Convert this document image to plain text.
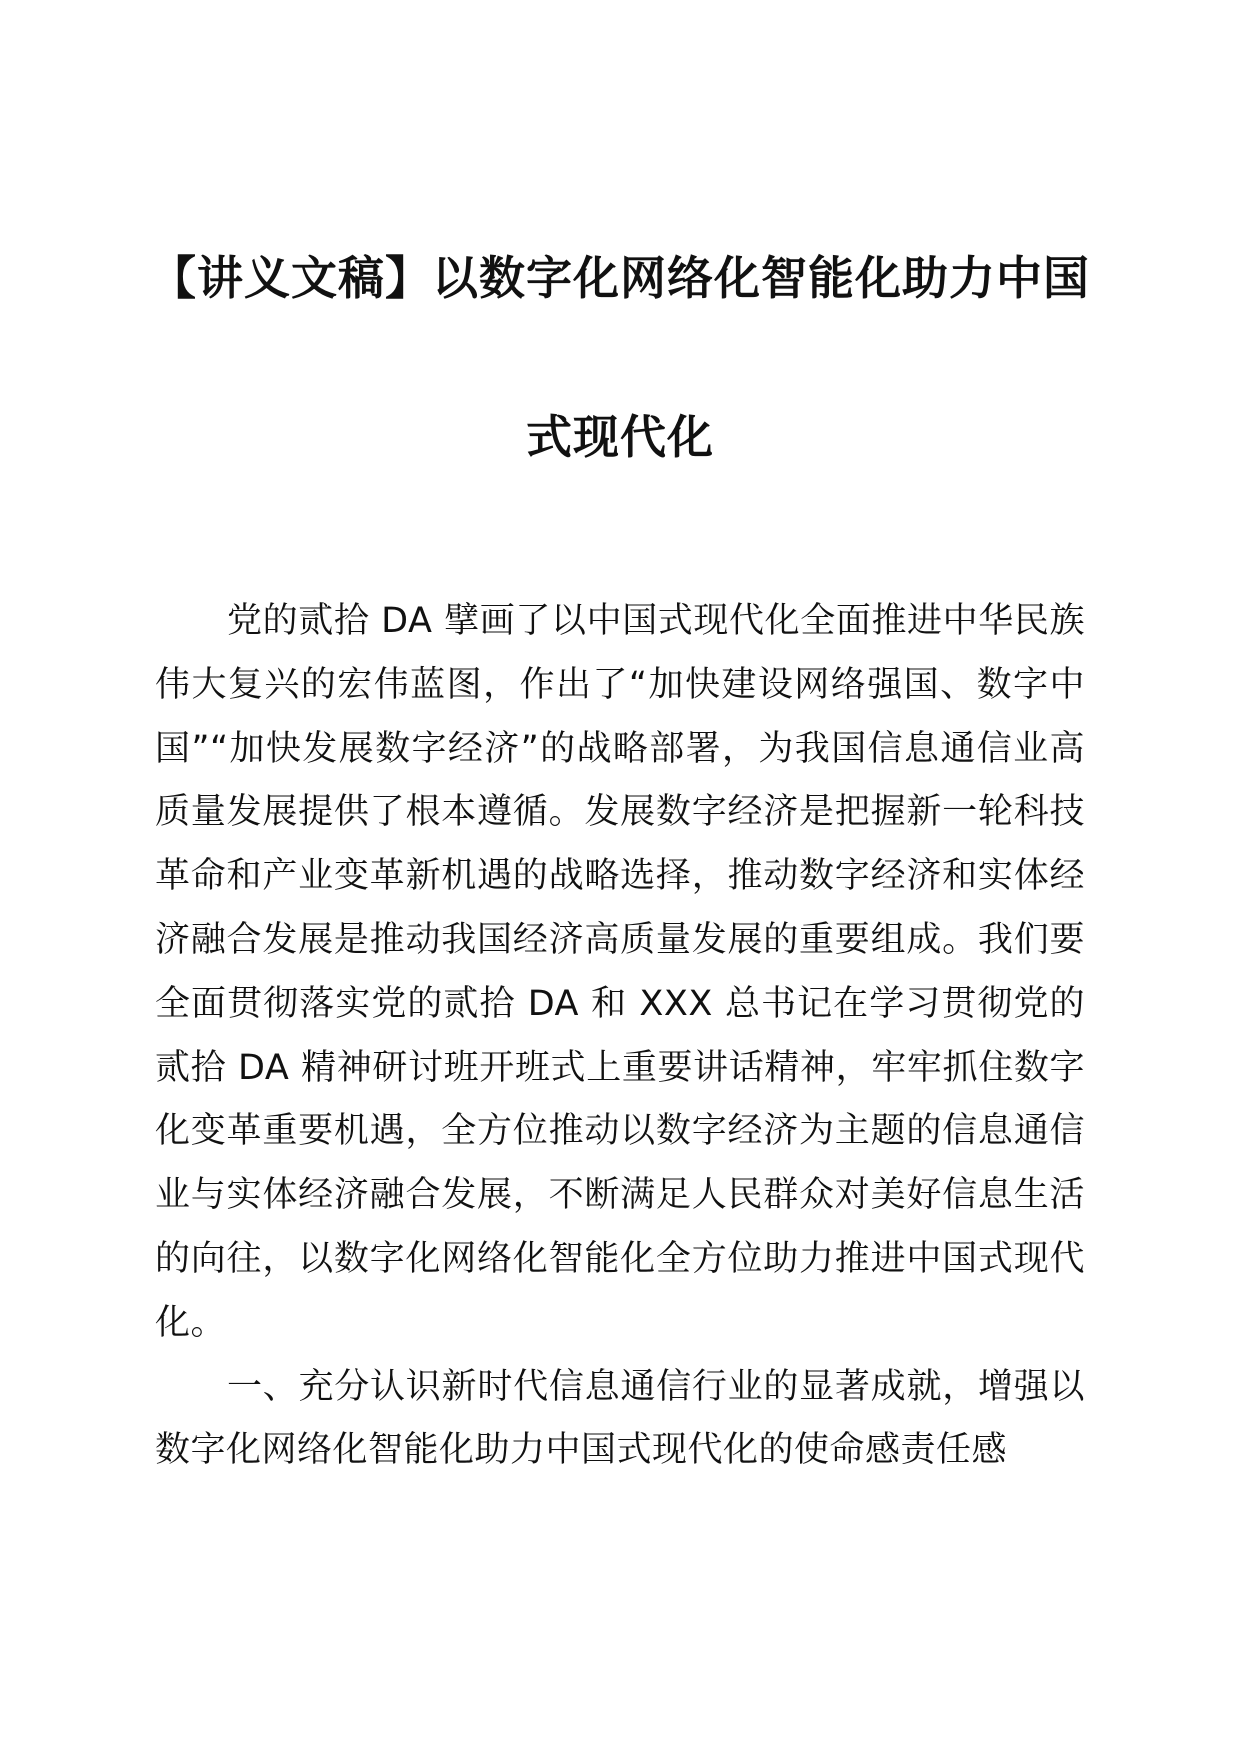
【讲义文稿】以数字化网络化智能化助力中国
式现代化

党的贰拾 DA 擘画了以中国式现代化全面推进中华民族伟大复兴的宏伟蓝图，作出了“加快建设网络强国、数字中国”“加快发展数字经济”的战略部署，为我国信息通信业高质量发展提供了根本遵循。发展数字经济是把握新一轮科技革命和产业变革新机遇的战略选择，推动数字经济和实体经济融合发展是推动我国经济高质量发展的重要组成。我们要全面贯彻落实党的贰拾 DA 和 XXX 总书记在学习贯彻党的贰拾 DA 精神研讨班开班式上重要讲话精神，牢牢抓住数字化变革重要机遇，全方位推动以数字经济为主题的信息通信业与实体经济融合发展，不断满足人民群众对美好信息生活的向往，以数字化网络化智能化全方位助力推进中国式现代化。

一、充分认识新时代信息通信行业的显著成就，增强以数字化网络化智能化助力中国式现代化的使命感责任感
